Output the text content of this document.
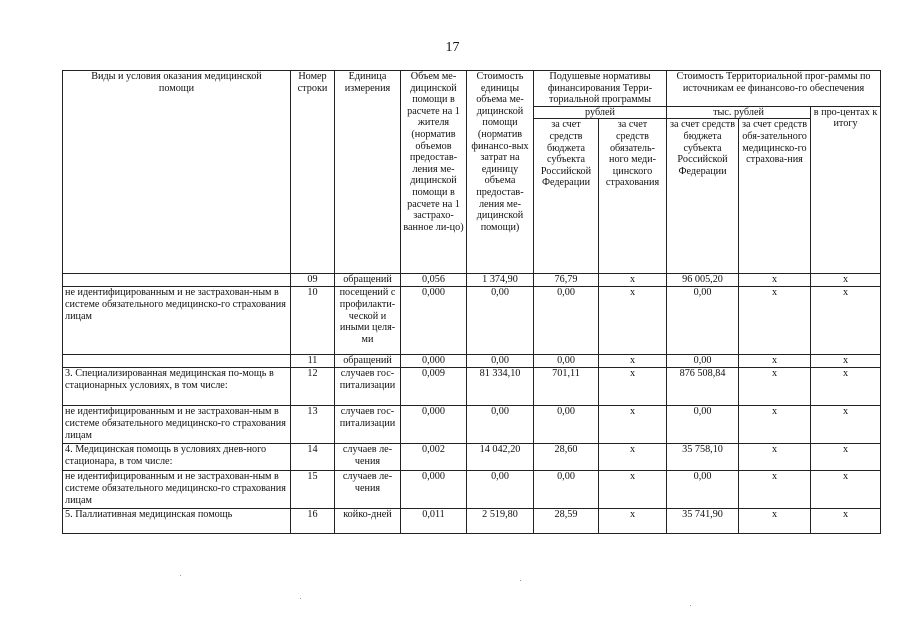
17
Виды и условия оказания медицинской помощи	Номер строки	Единица измерения	Объем ме-дицинской помощи в расчете на 1 жителя (норматив объемов предостав-ления ме-дицинской помощи в расчете на 1 застрахо-ванное ли-цо)	Стоимость единицы объема ме-дицинской помощи (норматив финансо-вых затрат на единицу объема предостав-ления ме-дицинской помощи)	Подушевые нормативы финансирования Терри-ториальной программы		Стоимость Территориальной прог-раммы по источникам ее финансово-го обеспечения		
					рублей		тыс. рублей		в про-центах к итогу
					за счет средств бюджета субъекта Российской Федерации	за счет средств обязатель-ного меди-цинского страхования	за счет средств бюджета субъекта Российской Федерации	за счет средств обя-зательного медицинско-го страхова-ния	
	09	обращений	0,056	1 374,90	76,79	х	96 005,20	х	х
не идентифицированным и не застрахован-ным в системе обязательного медицинско-го страхования лицам	10	посещений с профилакти-ческой и иными целя-ми	0,000	0,00	0,00	х	0,00	х	х
	11	обращений	0,000	0,00	0,00	х	0,00	х	х
3. Специализированная медицинская по-мощь в стационарных условиях, в том числе:	12	случаев гос-питализации	0,009	81 334,10	701,11	х	876 508,84	х	х
не идентифицированным и не застрахован-ным в системе обязательного медицинско-го страхования лицам	13	случаев гос-питализации	0,000	0,00	0,00	х	0,00	х	х
4. Медицинская помощь в условиях днев-ного стационара, в том числе:	14	случаев ле-чения	0,002	14 042,20	28,60	х	35 758,10	х	х
не идентифицированным и не застрахован-ным в системе обязательного медицинско-го страхования лицам	15	случаев ле-чения	0,000	0,00	0,00	х	0,00	х	х
5. Паллиативная медицинская помощь	16	койко-дней	0,011	2 519,80	28,59	х	35 741,90	х	х
